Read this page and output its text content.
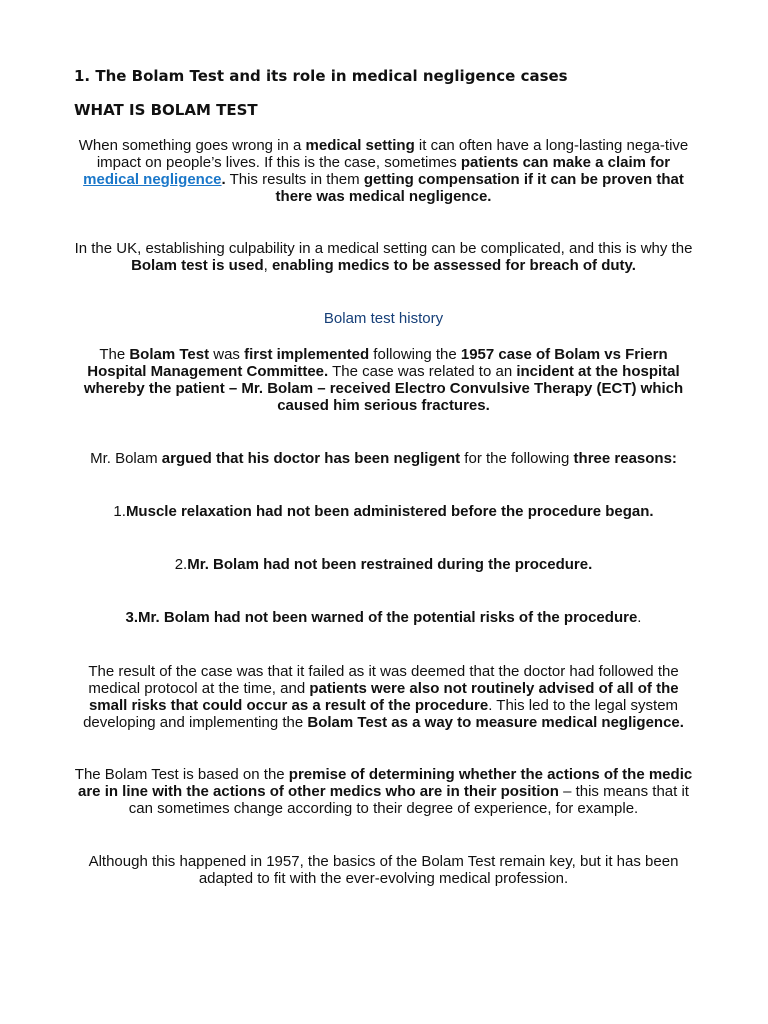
1. The Bolam Test and its role in medical negligence cases
WHAT IS BOLAM TEST

When something goes wrong in a medical setting it can often have a long-lasting nega-tive impact on people’s lives. If this is the case, sometimes patients can make a claim for medical negligence. This results in them getting compensation if it can be proven that there was medical negligence.

In the UK, establishing culpability in a medical setting can be complicated, and this is why the Bolam test is used, enabling medics to be assessed for breach of duty.

Bolam test history

The Bolam Test was first implemented following the 1957 case of Bolam vs Friern Hospital Management Committee. The case was related to an incident at the hospital whereby the patient – Mr. Bolam – received Electro Convulsive Therapy (ECT) which caused him serious fractures.

Mr. Bolam argued that his doctor has been negligent for the following three reasons:

1.Muscle relaxation had not been administered before the procedure began.

2.Mr. Bolam had not been restrained during the procedure.

3.Mr. Bolam had not been warned of the potential risks of the procedure.

The result of the case was that it failed as it was deemed that the doctor had followed the medical protocol at the time, and patients were also not routinely advised of all of the small risks that could occur as a result of the procedure. This led to the legal system developing and implementing the Bolam Test as a way to measure medical negligence.

The Bolam Test is based on the premise of determining whether the actions of the medic are in line with the actions of other medics who are in their position – this means that it can sometimes change according to their degree of experience, for example.

Although this happened in 1957, the basics of the Bolam Test remain key, but it has been adapted to fit with the ever-evolving medical profession.
